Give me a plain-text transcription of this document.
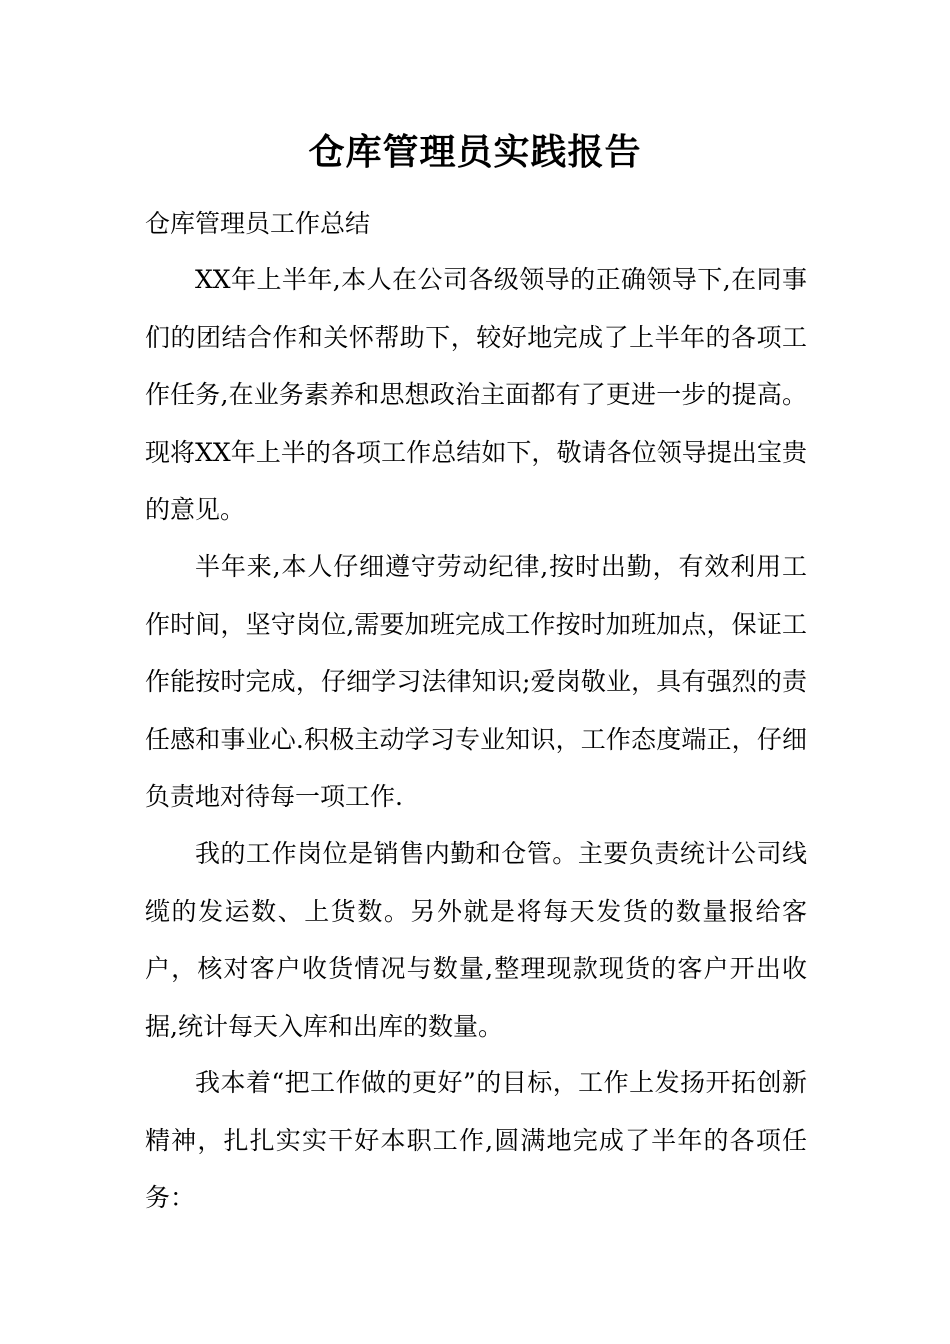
仓库管理员实践报告

仓库管理员工作总结

XX年上半年,本人在公司各级领导的正确领导下,在同事们的团结合作和关怀帮助下，较好地完成了上半年的各项工作任务,在业务素养和思想政治主面都有了更进一步的提高。现将XX年上半的各项工作总结如下，敬请各位领导提出宝贵的意见。

半年来,本人仔细遵守劳动纪律,按时出勤，有效利用工作时间，坚守岗位,需要加班完成工作按时加班加点，保证工作能按时完成，仔细学习法律知识;爱岗敬业，具有强烈的责任感和事业心.积极主动学习专业知识，工作态度端正，仔细负责地对待每一项工作.

我的工作岗位是销售内勤和仓管。主要负责统计公司线缆的发运数、上货数。另外就是将每天发货的数量报给客户，核对客户收货情况与数量,整理现款现货的客户开出收据,统计每天入库和出库的数量。

我本着“把工作做的更好”的目标，工作上发扬开拓创新精神，扎扎实实干好本职工作,圆满地完成了半年的各项任务：
